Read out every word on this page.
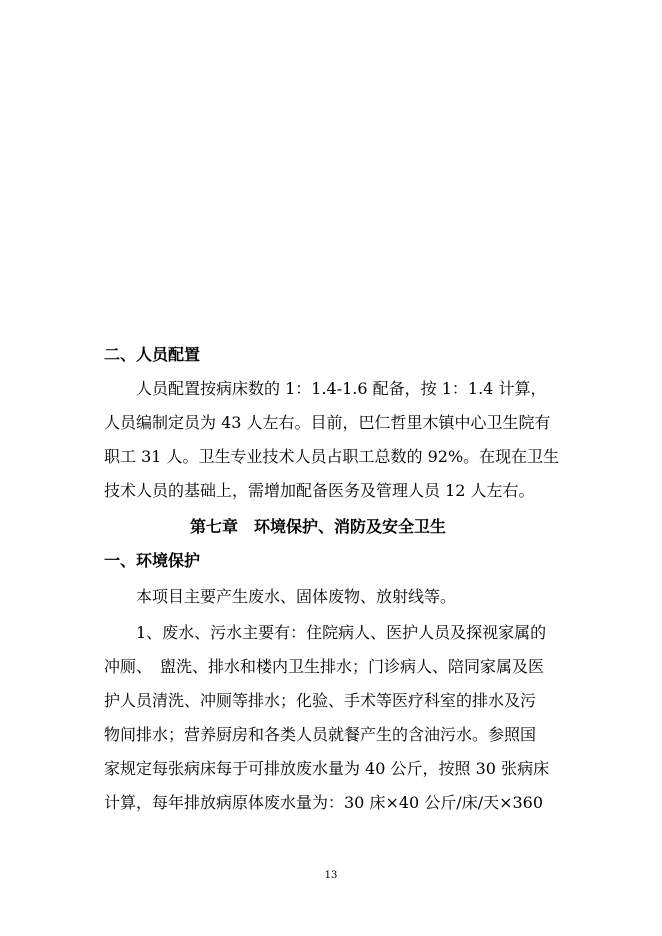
二、人员配置
人员配置按病床数的 1：1.4-1.6 配备，按 1：1.4 计算，
人员编制定员为 43 人左右。目前，巴仁哲里木镇中心卫生院有
职工 31 人。卫生专业技术人员占职工总数的 92%。在现在卫生
技术人员的基础上，需增加配备医务及管理人员 12 人左右。
第七章　环境保护、消防及安全卫生
一、环境保护
本项目主要产生废水、固体废物、放射线等。
1、废水、污水主要有：住院病人、医护人员及探视家属的
冲厕、　盥洗、排水和楼内卫生排水；门诊病人、陪同家属及医
护人员清洗、冲厕等排水；化验、手术等医疗科室的排水及污
物间排水；营养厨房和各类人员就餐产生的含油污水。参照国
家规定每张病床每于可排放废水量为 40 公斤，按照 30 张病床
计算，每年排放病原体废水量为：30 床×40 公斤/床/天×360
13
